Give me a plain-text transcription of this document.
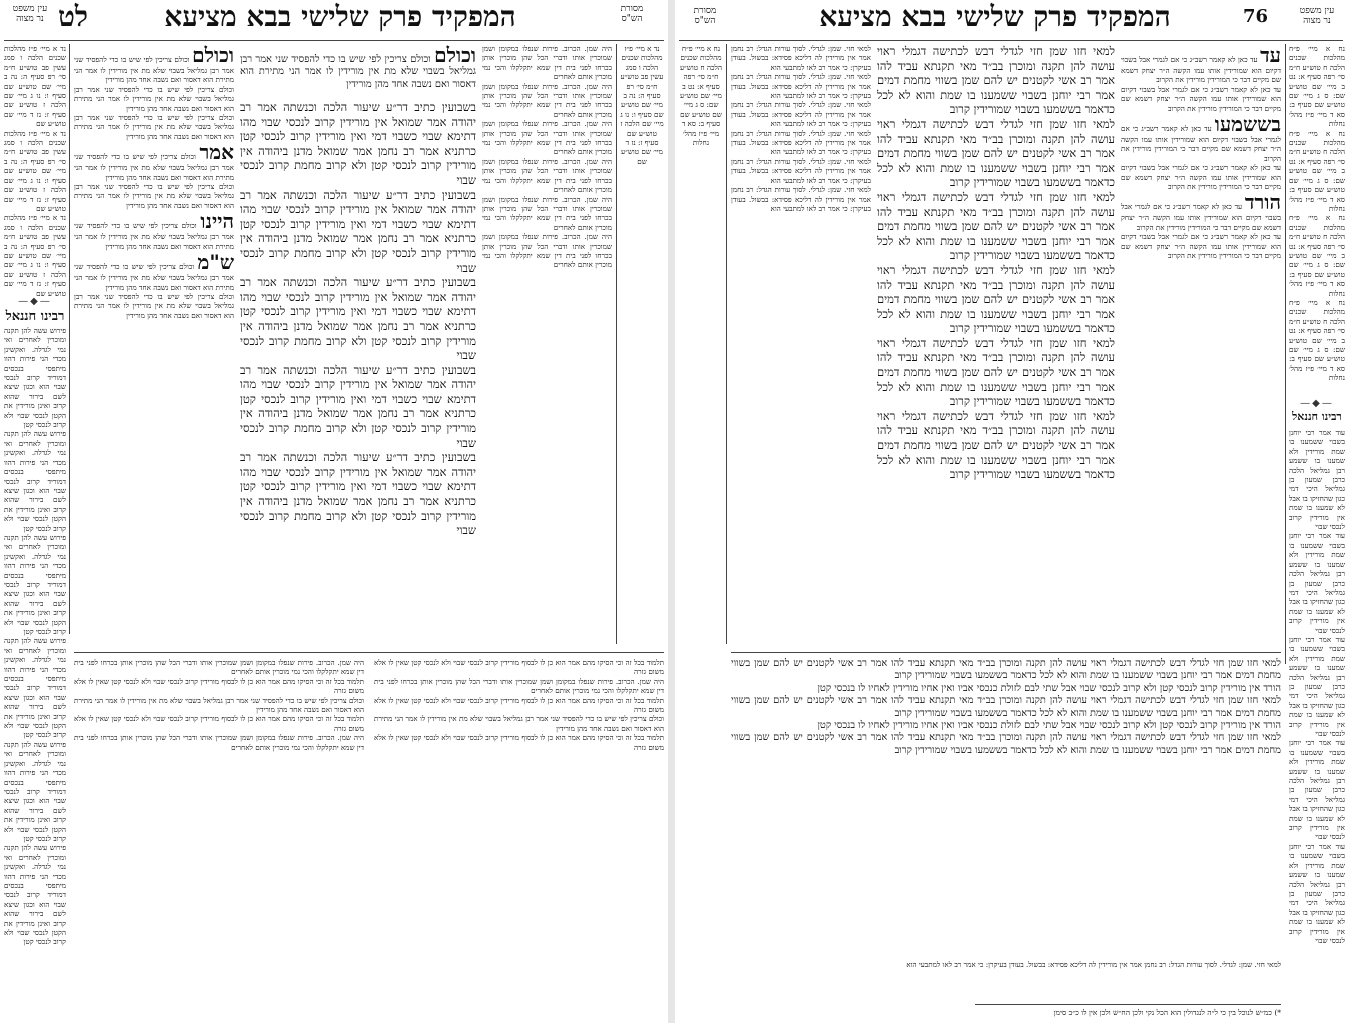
עין משפט
נר מצוה לט	המפקיד פרק שלישי בבא מציעא	מסורת
הש"ס

נד א מיי׳ פ״ז מהלכות שכנים הלכה ו סמג עשין פב טוש״ע ח״מ סי׳ רפ סעיף ה: נה ב מיי׳ שם טוש״ע שם סעיף ו: נו ג מיי׳ שם הלכה ז טוש״ע שם סעיף ז: נז ד מיי׳ שם טוש״ע שם

נד א מיי׳ פ״ז מהלכות שכנים הלכה ו סמג עשין פב טוש״ע ח״מ סי׳ רפ סעיף ה: נה ב מיי׳ שם טוש״ע שם סעיף ו: נו ג מיי׳ שם הלכה ז טוש״ע שם סעיף ז: נז ד מיי׳ שם טוש״ע שם

נד א מיי׳ פ״ז מהלכות שכנים הלכה ו סמג עשין פב טוש״ע ח״מ סי׳ רפ סעיף ה: נה ב מיי׳ שם טוש״ע שם סעיף ו: נו ג מיי׳ שם הלכה ז טוש״ע שם סעיף ז: נז ד מיי׳ שם טוש״ע שם

—◆—
רבינו חננאל

פירוש עשה להן תקנה ומוכרין לאחרים ואי נמי לגדלה. ואקשינן מכדי הני פירות דהוו מיתפסי בנכסים דמוריד קרוב לנכסי שבוי הוא וכגון שיצא לשם בירור שהוא קרוב ואינן מורידין את הקטן לנכסי שבוי ולא קרוב לנכסי קטן

פירוש עשה להן תקנה ומוכרין לאחרים ואי נמי לגדלה. ואקשינן מכדי הני פירות דהוו מיתפסי בנכסים דמוריד קרוב לנכסי שבוי הוא וכגון שיצא לשם בירור שהוא קרוב ואינן מורידין את הקטן לנכסי שבוי ולא קרוב לנכסי קטן

פירוש עשה להן תקנה ומוכרין לאחרים ואי נמי לגדלה. ואקשינן מכדי הני פירות דהוו מיתפסי בנכסים דמוריד קרוב לנכסי שבוי הוא וכגון שיצא לשם בירור שהוא קרוב ואינן מורידין את הקטן לנכסי שבוי ולא קרוב לנכסי קטן

פירוש עשה להן תקנה ומוכרין לאחרים ואי נמי לגדלה. ואקשינן מכדי הני פירות דהוו מיתפסי בנכסים דמוריד קרוב לנכסי שבוי הוא וכגון שיצא לשם בירור שהוא קרוב ואינן מורידין את הקטן לנכסי שבוי ולא קרוב לנכסי קטן

פירוש עשה להן תקנה ומוכרין לאחרים ואי נמי לגדלה. ואקשינן מכדי הני פירות דהוו מיתפסי בנכסים דמוריד קרוב לנכסי שבוי הוא וכגון שיצא לשם בירור שהוא קרוב ואינן מורידין את הקטן לנכסי שבוי ולא קרוב לנכסי קטן

פירוש עשה להן תקנה ומוכרין לאחרים ואי נמי לגדלה. ואקשינן מכדי הני פירות דהוו מיתפסי בנכסים דמוריד קרוב לנכסי שבוי הוא וכגון שיצא לשם בירור שהוא קרוב ואינן מורידין את הקטן לנכסי שבוי ולא קרוב לנכסי קטן

וכולם וכולם צריכין לפי שיש בו כדי להפסיד שני אמר רבן גמליאל בשבוי שלא מת אין מורידין לו אמר הני מתירת הוא דאסור ואם נשבה אחד מהן מורידין

וכולם צריכין לפי שיש בו כדי להפסיד שני אמר רבן גמליאל בשבוי שלא מת אין מורידין לו אמר הני מתירת הוא דאסור ואם נשבה אחד מהן מורידין

וכולם צריכין לפי שיש בו כדי להפסיד שני אמר רבן גמליאל בשבוי שלא מת אין מורידין לו אמר הני מתירת הוא דאסור ואם נשבה אחד מהן מורידין

אמר וכולם צריכין לפי שיש בו כדי להפסיד שני אמר רבן גמליאל בשבוי שלא מת אין מורידין לו אמר הני מתירת הוא דאסור ואם נשבה אחד מהן מורידין

וכולם צריכין לפי שיש בו כדי להפסיד שני אמר רבן גמליאל בשבוי שלא מת אין מורידין לו אמר הני מתירת הוא דאסור ואם נשבה אחד מהן מורידין

היינו וכולם צריכין לפי שיש בו כדי להפסיד שני אמר רבן גמליאל בשבוי שלא מת אין מורידין לו אמר הני מתירת הוא דאסור ואם נשבה אחד מהן מורידין

ש"מ וכולם צריכין לפי שיש בו כדי להפסיד שני אמר רבן גמליאל בשבוי שלא מת אין מורידין לו אמר הני מתירת הוא דאסור ואם נשבה אחד מהן מורידין

וכולם צריכין לפי שיש בו כדי להפסיד שני אמר רבן גמליאל בשבוי שלא מת אין מורידין לו אמר הני מתירת הוא דאסור ואם נשבה אחד מהן מורידין

בשבועין כתיב דר״ע שיעור הלכה וכנשתה אמר רב יהודה אמר שמואל אין מורידין קרוב לנכסי שבוי מהו דתימא שבוי כשבוי דמי ואין מורידין קרוב לנכסי קטן כרתניא אמר רב נחמן אמר שמואל מדנן ביהודה אין מורידין קרוב לנכסי קטן ולא קרוב מחמת קרוב לנכסי שבוי

בשבועין כתיב דר״ע שיעור הלכה וכנשתה אמר רב יהודה אמר שמואל אין מורידין קרוב לנכסי שבוי מהו דתימא שבוי כשבוי דמי ואין מורידין קרוב לנכסי קטן כרתניא אמר רב נחמן אמר שמואל מדנן ביהודה אין מורידין קרוב לנכסי קטן ולא קרוב מחמת קרוב לנכסי שבוי

בשבועין כתיב דר״ע שיעור הלכה וכנשתה אמר רב יהודה אמר שמואל אין מורידין קרוב לנכסי שבוי מהו דתימא שבוי כשבוי דמי ואין מורידין קרוב לנכסי קטן כרתניא אמר רב נחמן אמר שמואל מדנן ביהודה אין מורידין קרוב לנכסי קטן ולא קרוב מחמת קרוב לנכסי שבוי

בשבועין כתיב דר״ע שיעור הלכה וכנשתה אמר רב יהודה אמר שמואל אין מורידין קרוב לנכסי שבוי מהו דתימא שבוי כשבוי דמי ואין מורידין קרוב לנכסי קטן כרתניא אמר רב נחמן אמר שמואל מדנן ביהודה אין מורידין קרוב לנכסי קטן ולא קרוב מחמת קרוב לנכסי שבוי

בשבועין כתיב דר״ע שיעור הלכה וכנשתה אמר רב יהודה אמר שמואל אין מורידין קרוב לנכסי שבוי מהו דתימא שבוי כשבוי דמי ואין מורידין קרוב לנכסי קטן כרתניא אמר רב נחמן אמר שמואל מדנן ביהודה אין מורידין קרוב לנכסי קטן ולא קרוב מחמת קרוב לנכסי שבוי

וכולם וכולם צריכין לפי שיש בו כדי להפסיד שני אמר רבן גמליאל בשבוי שלא מת אין מורידין לו אמר הני מתירת הוא דאסור ואם נשבה אחד מהן מורידין

היה שמן. הכרוב. פירות שנפלו במקומן ושמן שמוכרין אותו ודברי הכל שהן מוכרין אותן בכרחו לפני בית דין שמא יתקלקלו והכי נמי מוכרין אותם לאחרים

היה שמן. הכרוב. פירות שנפלו במקומן ושמן שמוכרין אותו ודברי הכל שהן מוכרין אותן בכרחו לפני בית דין שמא יתקלקלו והכי נמי מוכרין אותם לאחרים

היה שמן. הכרוב. פירות שנפלו במקומן ושמן שמוכרין אותו ודברי הכל שהן מוכרין אותן בכרחו לפני בית דין שמא יתקלקלו והכי נמי מוכרין אותם לאחרים

היה שמן. הכרוב. פירות שנפלו במקומן ושמן שמוכרין אותו ודברי הכל שהן מוכרין אותן בכרחו לפני בית דין שמא יתקלקלו והכי נמי מוכרין אותם לאחרים

היה שמן. הכרוב. פירות שנפלו במקומן ושמן שמוכרין אותו ודברי הכל שהן מוכרין אותן בכרחו לפני בית דין שמא יתקלקלו והכי נמי מוכרין אותם לאחרים

היה שמן. הכרוב. פירות שנפלו במקומן ושמן שמוכרין אותו ודברי הכל שהן מוכרין אותן בכרחו לפני בית דין שמא יתקלקלו והכי נמי מוכרין אותם לאחרים

נד א מיי׳ פ״ז מהלכות שכנים הלכה ו סמג עשין פב טוש״ע ח״מ סי׳ רפ סעיף ה: נה ב מיי׳ שם טוש״ע שם סעיף ו: נו ג מיי׳ שם הלכה ז טוש״ע שם סעיף ז: נז ד מיי׳ שם טוש״ע שם

תלמוד בכל זה וכי הסיקו מהם אמר הוא כן לו לבסוף מורידין קרוב לנכסי שבוי ולא לנכסי קטן שאין לו אלא משום גזרה

היה שמן. הכרוב. פירות שנפלו במקומן ושמן שמוכרין אותו ודברי הכל שהן מוכרין אותן בכרחו לפני בית דין שמא יתקלקלו והכי נמי מוכרין אותם לאחרים

תלמוד בכל זה וכי הסיקו מהם אמר הוא כן לו לבסוף מורידין קרוב לנכסי שבוי ולא לנכסי קטן שאין לו אלא משום גזרה

וכולם צריכין לפי שיש בו כדי להפסיד שני אמר רבן גמליאל בשבוי שלא מת אין מורידין לו אמר הני מתירת הוא דאסור ואם נשבה אחד מהן מורידין

תלמוד בכל זה וכי הסיקו מהם אמר הוא כן לו לבסוף מורידין קרוב לנכסי שבוי ולא לנכסי קטן שאין לו אלא משום גזרה

היה שמן. הכרוב. פירות שנפלו במקומן ושמן שמוכרין אותו ודברי הכל שהן מוכרין אותן בכרחו לפני בית דין שמא יתקלקלו והכי נמי מוכרין אותם לאחרים

תלמוד בכל זה וכי הסיקו מהם אמר הוא כן לו לבסוף מורידין קרוב לנכסי שבוי ולא לנכסי קטן שאין לו אלא משום גזרה

וכולם צריכין לפי שיש בו כדי להפסיד שני אמר רבן גמליאל בשבוי שלא מת אין מורידין לו אמר הני מתירת הוא דאסור ואם נשבה אחד מהן מורידין

תלמוד בכל זה וכי הסיקו מהם אמר הוא כן לו לבסוף מורידין קרוב לנכסי שבוי ולא לנכסי קטן שאין לו אלא משום גזרה

היה שמן. הכרוב. פירות שנפלו במקומן ושמן שמוכרין אותו ודברי הכל שהן מוכרין אותן בכרחו לפני בית דין שמא יתקלקלו והכי נמי מוכרין אותם לאחרים

מסורת
הש"ס	המפקיד פרק שלישי בבא מציעא	76	עין משפט
נר מצוה

נח א מיי׳ פ״ח מהלכות שכנים הלכה ח טוש״ע ח״מ סי׳ רפה סעיף א: נט ב מיי׳ שם טוש״ע שם: ס ג מיי׳ שם טוש״ע שם סעיף ב: סא ד מיי׳ פ״ז מהל׳ נחלות

למאי חזי. שמן: לגדלי. לסוך עורות הגדל: רב נחמן אמר אין מורידין לה דליכא פסידא: בבשול. בעודן בעיקרן: כי אמר רב לאו למתבעי הוא

למאי חזי. שמן: לגדלי. לסוך עורות הגדל: רב נחמן אמר אין מורידין לה דליכא פסידא: בבשול. בעודן בעיקרן: כי אמר רב לאו למתבעי הוא

למאי חזי. שמן: לגדלי. לסוך עורות הגדל: רב נחמן אמר אין מורידין לה דליכא פסידא: בבשול. בעודן בעיקרן: כי אמר רב לאו למתבעי הוא

למאי חזי. שמן: לגדלי. לסוך עורות הגדל: רב נחמן אמר אין מורידין לה דליכא פסידא: בבשול. בעודן בעיקרן: כי אמר רב לאו למתבעי הוא

למאי חזי. שמן: לגדלי. לסוך עורות הגדל: רב נחמן אמר אין מורידין לה דליכא פסידא: בבשול. בעודן בעיקרן: כי אמר רב לאו למתבעי הוא

למאי חזי. שמן: לגדלי. לסוך עורות הגדל: רב נחמן אמר אין מורידין לה דליכא פסידא: בבשול. בעודן בעיקרן: כי אמר רב לאו למתבעי הוא

למאי חזו שמן חזי לגדלי דבש לכתישה דגמלי ראוי עושה להן תקנה ומוכרן בב״ד מאי תקנתא עביד להו אמר רב אשי לקטנים יש להם שמן בשווי מחמת דמים אמר רבי יוחנן בשבוי ששמענו בו שמת והוא לא לכל כדאמר בששמעו בשבוי שמורידין קרוב

למאי חזו שמן חזי לגדלי דבש לכתישה דגמלי ראוי עושה להן תקנה ומוכרן בב״ד מאי תקנתא עביד להו אמר רב אשי לקטנים יש להם שמן בשווי מחמת דמים אמר רבי יוחנן בשבוי ששמענו בו שמת והוא לא לכל כדאמר בששמעו בשבוי שמורידין קרוב

למאי חזו שמן חזי לגדלי דבש לכתישה דגמלי ראוי עושה להן תקנה ומוכרן בב״ד מאי תקנתא עביד להו אמר רב אשי לקטנים יש להם שמן בשווי מחמת דמים אמר רבי יוחנן בשבוי ששמענו בו שמת והוא לא לכל כדאמר בששמעו בשבוי שמורידין קרוב

למאי חזו שמן חזי לגדלי דבש לכתישה דגמלי ראוי עושה להן תקנה ומוכרן בב״ד מאי תקנתא עביד להו אמר רב אשי לקטנים יש להם שמן בשווי מחמת דמים אמר רבי יוחנן בשבוי ששמענו בו שמת והוא לא לכל כדאמר בששמעו בשבוי שמורידין קרוב

למאי חזו שמן חזי לגדלי דבש לכתישה דגמלי ראוי עושה להן תקנה ומוכרן בב״ד מאי תקנתא עביד להו אמר רב אשי לקטנים יש להם שמן בשווי מחמת דמים אמר רבי יוחנן בשבוי ששמענו בו שמת והוא לא לכל כדאמר בששמעו בשבוי שמורידין קרוב

למאי חזו שמן חזי לגדלי דבש לכתישה דגמלי ראוי עושה להן תקנה ומוכרן בב״ד מאי תקנתא עביד להו אמר רב אשי לקטנים יש להם שמן בשווי מחמת דמים אמר רבי יוחנן בשבוי ששמענו בו שמת והוא לא לכל כדאמר בששמעו בשבוי שמורידין קרוב

עד עד כאן לא קאמר רשב״ג כי אם לגמרי אבל בשבוי דקיום הוא שמורידין אותו עמו הקשה ה״ר יצחק דשמא שם מקיים דבר כי המורידין מורידין את הקרוב

עד כאן לא קאמר רשב״ג כי אם לגמרי אבל בשבוי דקיום הוא שמורידין אותו עמו הקשה ה״ר יצחק דשמא שם מקיים דבר כי המורידין מורידין את הקרוב

בששמעו עד כאן לא קאמר רשב״ג כי אם לגמרי אבל בשבוי דקיום הוא שמורידין אותו עמו הקשה ה״ר יצחק דשמא שם מקיים דבר כי המורידין מורידין את הקרוב

עד כאן לא קאמר רשב״ג כי אם לגמרי אבל בשבוי דקיום הוא שמורידין אותו עמו הקשה ה״ר יצחק דשמא שם מקיים דבר כי המורידין מורידין את הקרוב

הורד עד כאן לא קאמר רשב״ג כי אם לגמרי אבל בשבוי דקיום הוא שמורידין אותו עמו הקשה ה״ר יצחק דשמא שם מקיים דבר כי המורידין מורידין את הקרוב

עד כאן לא קאמר רשב״ג כי אם לגמרי אבל בשבוי דקיום הוא שמורידין אותו עמו הקשה ה״ר יצחק דשמא שם מקיים דבר כי המורידין מורידין את הקרוב

נח א מיי׳ פ״ח מהלכות שכנים הלכה ח טוש״ע ח״מ סי׳ רפה סעיף א: נט ב מיי׳ שם טוש״ע שם: ס ג מיי׳ שם טוש״ע שם סעיף ב: סא ד מיי׳ פ״ז מהל׳ נחלות

נח א מיי׳ פ״ח מהלכות שכנים הלכה ח טוש״ע ח״מ סי׳ רפה סעיף א: נט ב מיי׳ שם טוש״ע שם: ס ג מיי׳ שם טוש״ע שם סעיף ב: סא ד מיי׳ פ״ז מהל׳ נחלות

נח א מיי׳ פ״ח מהלכות שכנים הלכה ח טוש״ע ח״מ סי׳ רפה סעיף א: נט ב מיי׳ שם טוש״ע שם: ס ג מיי׳ שם טוש״ע שם סעיף ב: סא ד מיי׳ פ״ז מהל׳ נחלות

נח א מיי׳ פ״ח מהלכות שכנים הלכה ח טוש״ע ח״מ סי׳ רפה סעיף א: נט ב מיי׳ שם טוש״ע שם: ס ג מיי׳ שם טוש״ע שם סעיף ב: סא ד מיי׳ פ״ז מהל׳ נחלות

—◆—
רבינו חננאל

עוד אמר רבי יוחנן בשבוי ששמענו בו שמת מורידין ולא שמענו בו ששמע רבן גמליאל הלכה כרבן שמעון בן גמליאל היכי דמי כגון שהחזיקו בו אבל לא שמענו בו שמת אין מורידין קרוב לנכסי שבוי

עוד אמר רבי יוחנן בשבוי ששמענו בו שמת מורידין ולא שמענו בו ששמע רבן גמליאל הלכה כרבן שמעון בן גמליאל היכי דמי כגון שהחזיקו בו אבל לא שמענו בו שמת אין מורידין קרוב לנכסי שבוי

עוד אמר רבי יוחנן בשבוי ששמענו בו שמת מורידין ולא שמענו בו ששמע רבן גמליאל הלכה כרבן שמעון בן גמליאל היכי דמי כגון שהחזיקו בו אבל לא שמענו בו שמת אין מורידין קרוב לנכסי שבוי

עוד אמר רבי יוחנן בשבוי ששמענו בו שמת מורידין ולא שמענו בו ששמע רבן גמליאל הלכה כרבן שמעון בן גמליאל היכי דמי כגון שהחזיקו בו אבל לא שמענו בו שמת אין מורידין קרוב לנכסי שבוי

עוד אמר רבי יוחנן בשבוי ששמענו בו שמת מורידין ולא שמענו בו ששמע רבן גמליאל הלכה כרבן שמעון בן גמליאל היכי דמי כגון שהחזיקו בו אבל לא שמענו בו שמת אין מורידין קרוב לנכסי שבוי

למאי חזו שמן חזי לגדלי דבש לכתישה דגמלי ראוי עושה להן תקנה ומוכרן בב״ד מאי תקנתא עביד להו אמר רב אשי לקטנים יש להם שמן בשווי מחמת דמים אמר רבי יוחנן בשבוי ששמענו בו שמת והוא לא לכל כדאמר בששמעו בשבוי שמורידין קרוב

הורד אין מורידין קרוב לנכסי קטן ולא קרוב לנכסי שבוי אבל שתי לבם לזולת כנכסי אביו ואין אחיו מורידין לאחיו לו בנכסי קטן

למאי חזו שמן חזי לגדלי דבש לכתישה דגמלי ראוי עושה להן תקנה ומוכרן בב״ד מאי תקנתא עביד להו אמר רב אשי לקטנים יש להם שמן בשווי מחמת דמים אמר רבי יוחנן בשבוי ששמענו בו שמת והוא לא לכל כדאמר בששמעו בשבוי שמורידין קרוב

הורד אין מורידין קרוב לנכסי קטן ולא קרוב לנכסי שבוי אבל שתי לבם לזולת כנכסי אביו ואין אחיו מורידין לאחיו לו בנכסי קטן

למאי חזו שמן חזי לגדלי דבש לכתישה דגמלי ראוי עושה להן תקנה ומוכרן בב״ד מאי תקנתא עביד להו אמר רב אשי לקטנים יש להם שמן בשווי מחמת דמים אמר רבי יוחנן בשבוי ששמענו בו שמת והוא לא לכל כדאמר בששמעו בשבוי שמורידין קרוב

למאי חזי. שמן: לגדלי. לסוך עורות הגדל: רב נחמן אמר אין מורידין לה דליכא פסידא: בבשול. בעודן בעיקרן: כי אמר רב לאו למתבעי הוא

*) כמ״ש לנוכל בין כי ל״ה לנגדולין הוא הכל נקי ולכן הח״ש ולכן אין לו כ״ב סימן
